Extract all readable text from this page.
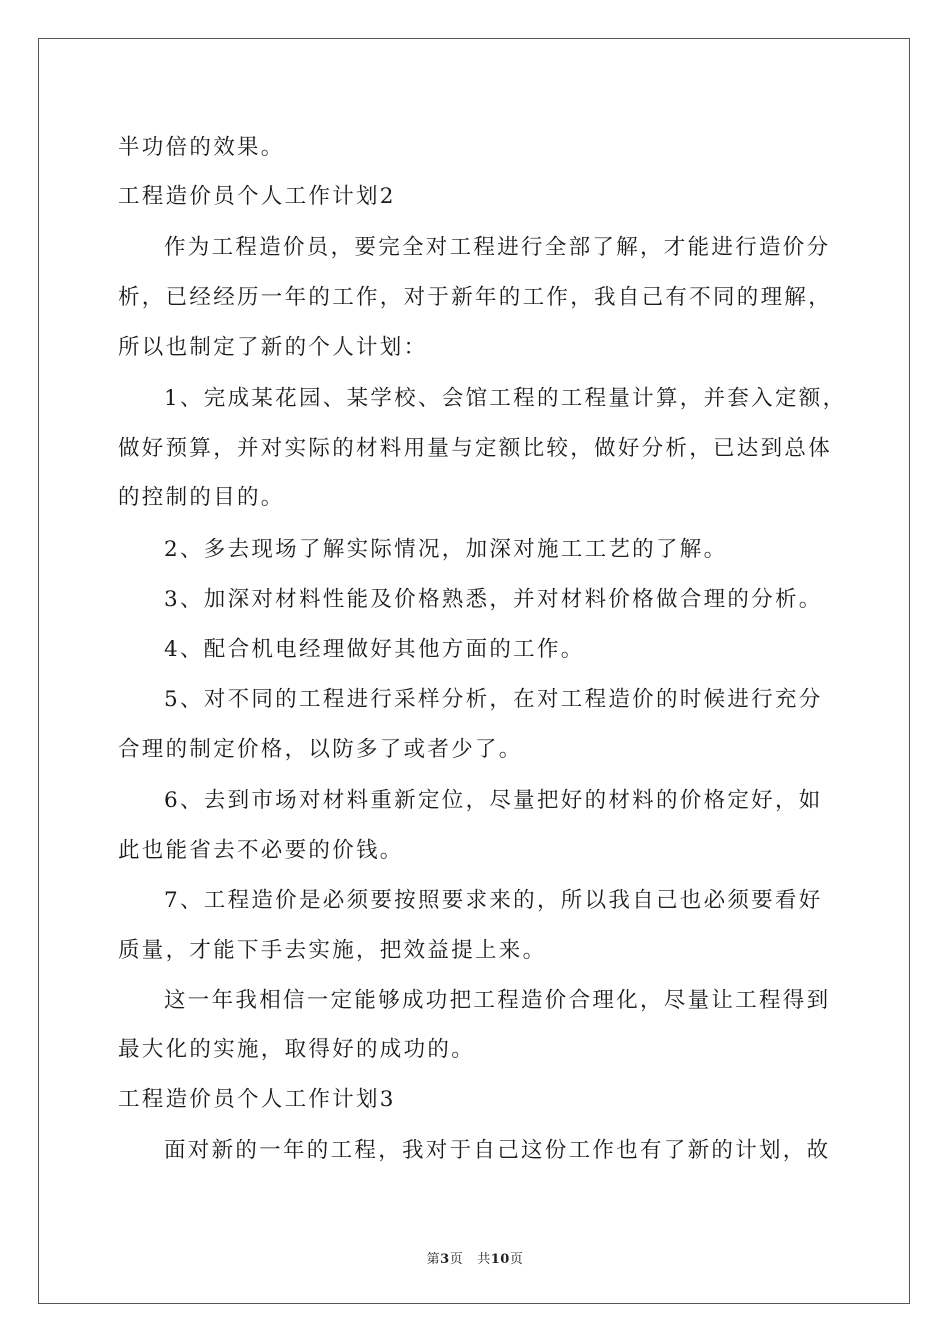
半功倍的效果。
工程造价员个人工作计划2
作为工程造价员，要完全对工程进行全部了解，才能进行造价分
析，已经经历一年的工作，对于新年的工作，我自己有不同的理解，
所以也制定了新的个人计划：
1、完成某花园、某学校、会馆工程的工程量计算，并套入定额，
做好预算，并对实际的材料用量与定额比较，做好分析，已达到总体
的控制的目的。
2、多去现场了解实际情况，加深对施工工艺的了解。
3、加深对材料性能及价格熟悉，并对材料价格做合理的分析。
4、配合机电经理做好其他方面的工作。
5、对不同的工程进行采样分析，在对工程造价的时候进行充分
合理的制定价格，以防多了或者少了。
6、去到市场对材料重新定位，尽量把好的材料的价格定好，如
此也能省去不必要的价钱。
7、工程造价是必须要按照要求来的，所以我自己也必须要看好
质量，才能下手去实施，把效益提上来。
这一年我相信一定能够成功把工程造价合理化，尽量让工程得到
最大化的实施，取得好的成功的。
工程造价员个人工作计划3
面对新的一年的工程，我对于自己这份工作也有了新的计划，故
第3页 共10页
